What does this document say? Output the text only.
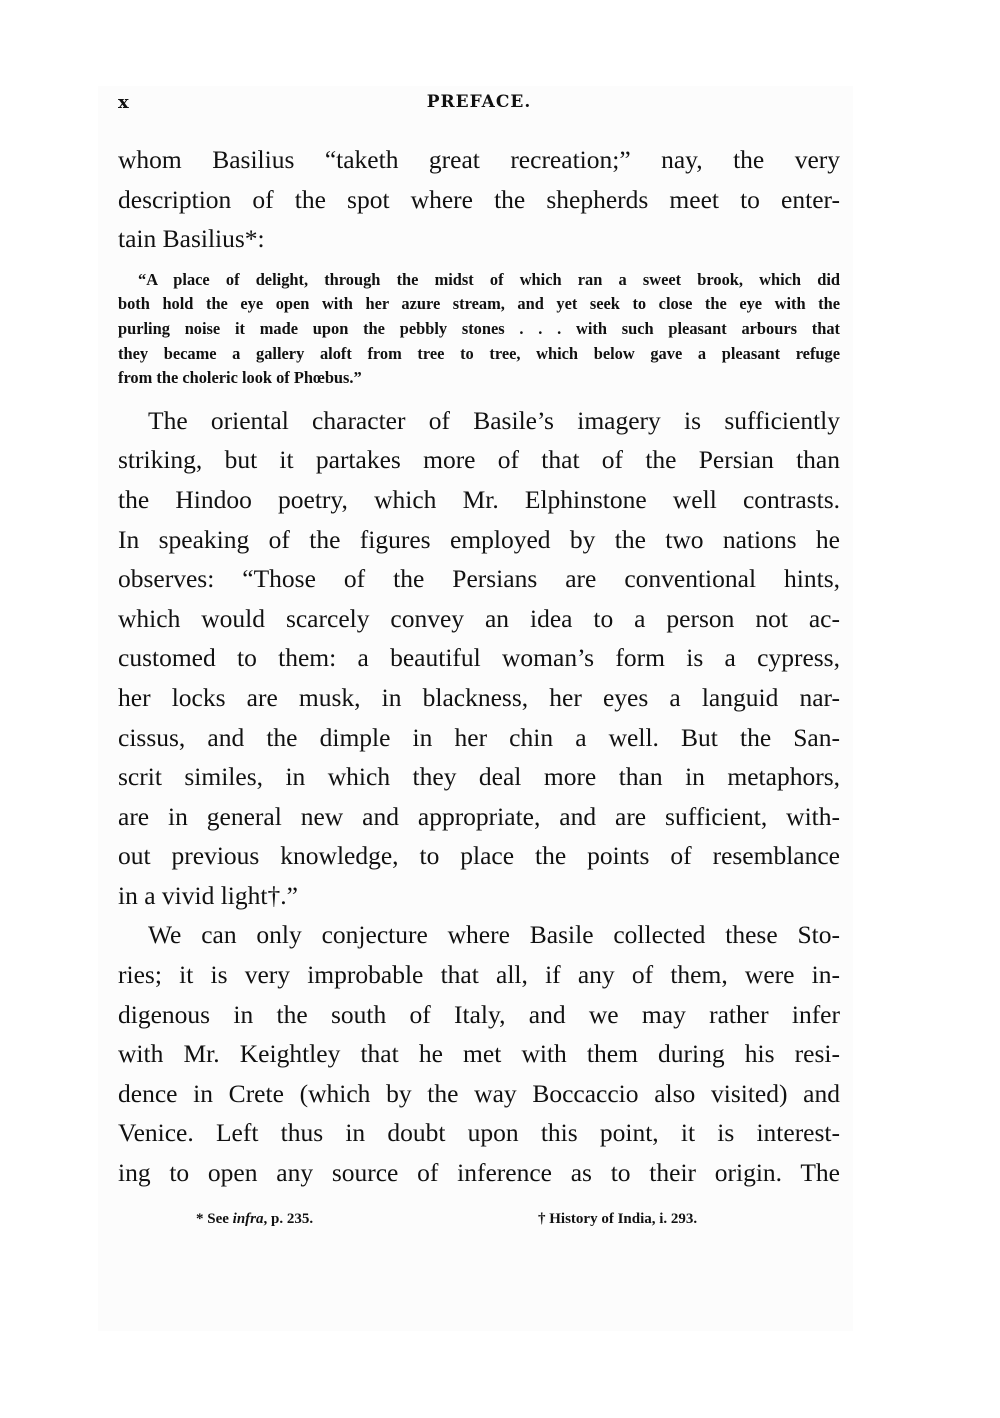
x	PREFACE.
whom Basilius “taketh great recreation;” nay, the very
description of the spot where the shepherds meet to enter-
tain Basilius*:
“A place of delight, through the midst of which ran a sweet brook, which did
both hold the eye open with her azure stream, and yet seek to close the eye with the
purling noise it made upon the pebbly stones . . . with such pleasant arbours that
they became a gallery aloft from tree to tree, which below gave a pleasant refuge
from the choleric look of Phœbus.”
The oriental character of Basile’s imagery is sufficiently
striking, but it partakes more of that of the Persian than
the Hindoo poetry, which Mr. Elphinstone well contrasts.
In speaking of the figures employed by the two nations he
observes: “Those of the Persians are conventional hints,
which would scarcely convey an idea to a person not ac-
customed to them: a beautiful woman’s form is a cypress,
her locks are musk, in blackness, her eyes a languid nar-
cissus, and the dimple in her chin a well. But the San-
scrit similes, in which they deal more than in metaphors,
are in general new and appropriate, and are sufficient, with-
out previous knowledge, to place the points of resemblance
in a vivid light†.”
We can only conjecture where Basile collected these Sto-
ries; it is very improbable that all, if any of them, were in-
digenous in the south of Italy, and we may rather infer
with Mr. Keightley that he met with them during his resi-
dence in Crete (which by the way Boccaccio also visited) and
Venice. Left thus in doubt upon this point, it is interest-
ing to open any source of inference as to their origin. The
* See infra, p. 235.	† History of India, i. 293.
